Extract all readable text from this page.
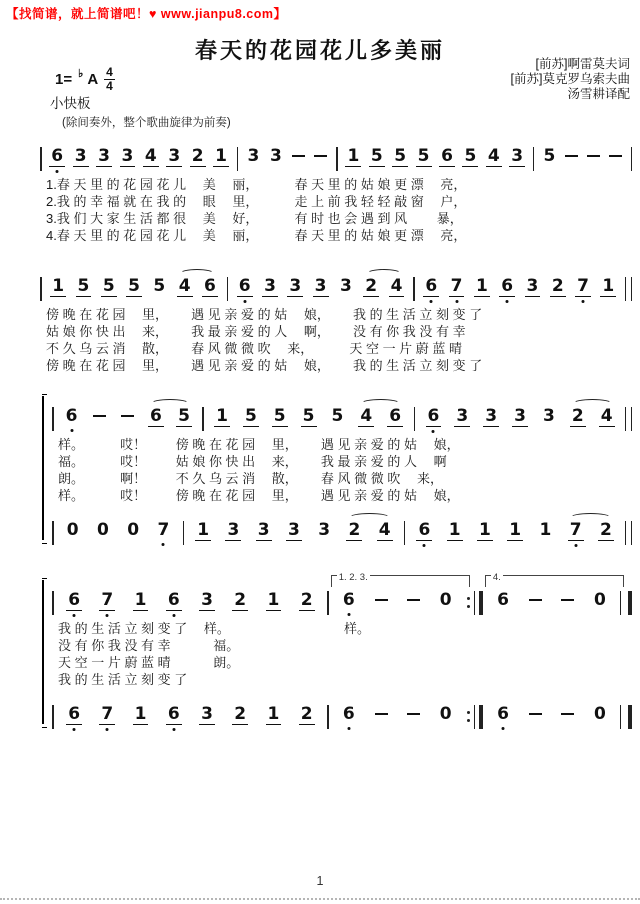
【找简谱，就上简谱吧！♥ www.jianpu8.com】
春天的花园花儿多美丽
1= ♭ A $\frac{4}{4}$
小快板
[前苏]啊雷莫夫词
[前苏]莫克罗乌索夫曲
汤雪耕译配
(除间奏外，整个歌曲旋律为前奏)
6 3 3 3 4 3 2 1 3 3	1 5 5 5 6 5 4 3 5
1.春 天 里 的 花 园 花 儿　 美　 丽，　　　 春 天 里 的 姑 娘 更 漂　 亮，
2.我 的 幸 福 就 在 我 的　 眼　 里，　　　 走 上 前 我 轻 轻 敲 窗　 户，
3.我 们 大 家 生 活 都 很　 美　 好，　　　 有 时 也 会 遇 到 风　　 暴，
4.春 天 里 的 花 园 花 儿　 美　 丽，　　　 春 天 里 的 姑 娘 更 漂　 亮，
1 5 5 5 5 4 6 6 3 3 3 3 2 4 6 7 1 6 3 2 7 1
傍 晚 在 花 园　 里，　　 遇 见 亲 爱 的 姑　 娘，　　 我 的 生 活 立 刻 变 了
姑 娘 你 快 出　 来，　　 我 最 亲 爱 的 人　 啊，　　 没 有 你 我 没 有 幸
不 久 乌 云 消　 散，　　 春 风 微 微 吹　 来，　　　 天 空 一 片 蔚 蓝 晴
傍 晚 在 花 园　 里，　　 遇 见 亲 爱 的 姑　 娘，　　 我 的 生 活 立 刻 变 了
6	6 5 1 5 5 5 5 4 6 6 3 3 3 3 2 4
样。　　　 哎！　　 傍 晚 在 花 园　 里，　　 遇 见 亲 爱 的 姑　 娘，
福。　　　 哎！　　 姑 娘 你 快 出　 来，　　 我 最 亲 爱 的 人　 啊
朗。　　　 啊！　　 不 久 乌 云 消　 散，　　 春 风 微 微 吹　 来，
样。　　　 哎！　　 傍 晚 在 花 园　 里，　　 遇 见 亲 爱 的 姑　 娘，
0 0 0 7 1 3 3 3 3 2 4 6 1 1 1 1 7 2
6 7 1 6 3 2 1 2
1. 2. 3.
6	0
4.
6	0
我 的 生 活 立 刻 变 了　 样。　　　　　　　　　 样。
没 有 你 我 没 有 幸　　　 福。
天 空 一 片 蔚 蓝 晴　　　 朗。
我 的 生 活 立 刻 变 了
6 7 1 6 3 2 1 2 6	0	6	0
1
